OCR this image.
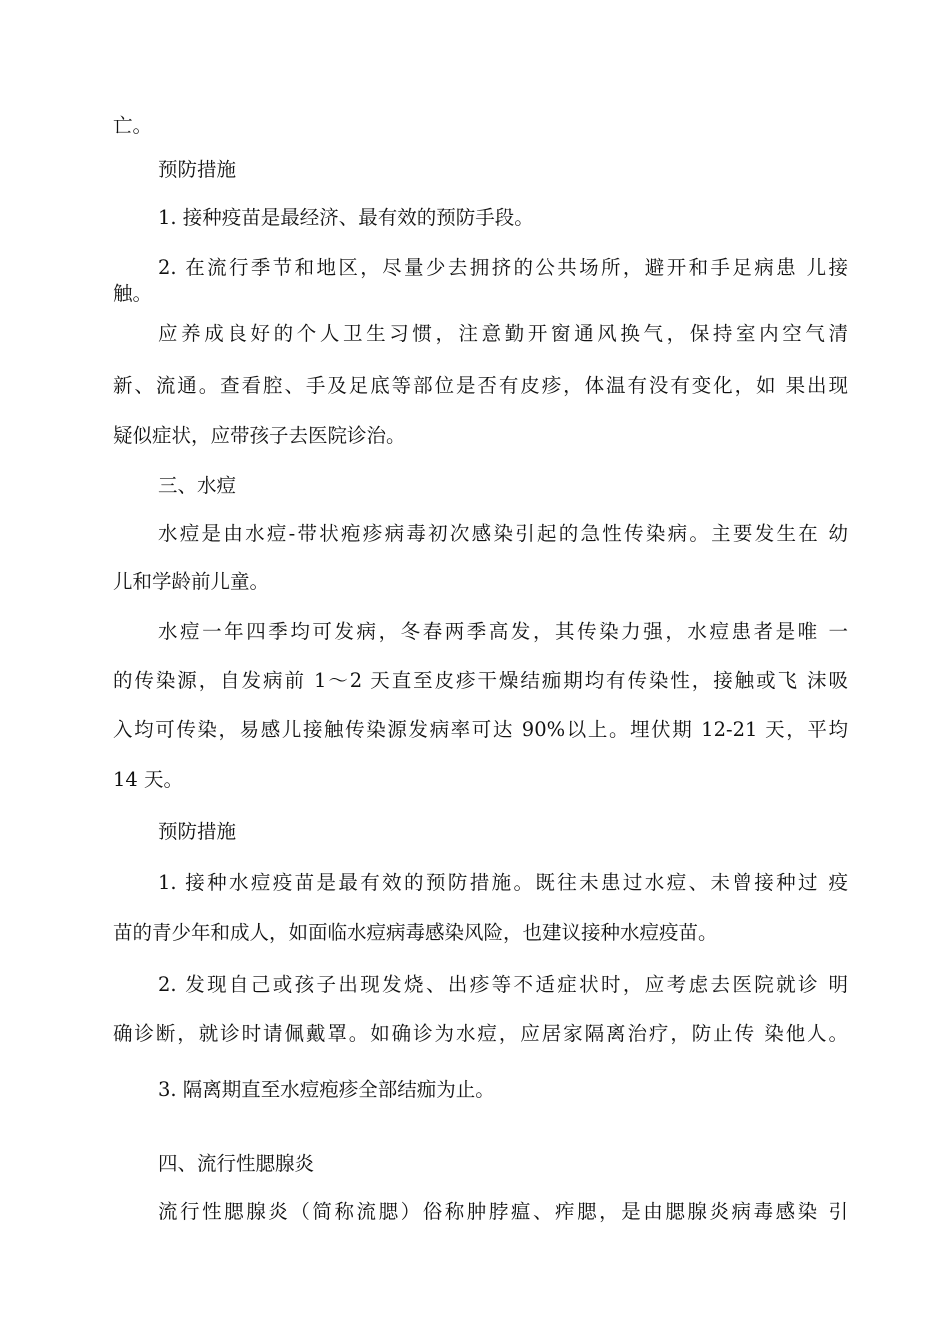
亡。

预防措施

1. 接种疫苗是最经济、最有效的预防手段。

2. 在流行季节和地区，尽量少去拥挤的公共场所，避开和手足病患 儿接

触。

应养成良好的个人卫生习惯，注意勤开窗通风换气，保持室内空气清

新、流通。查看腔、手及足底等部位是否有皮疹，体温有没有变化，如 果出现

疑似症状，应带孩子去医院诊治。

三、水痘

水痘是由水痘-带状疱疹病毒初次感染引起的急性传染病。主要发生在 幼

儿和学龄前儿童。

水痘一年四季均可发病，冬春两季高发，其传染力强，水痘患者是唯 一

的传染源，自发病前 1〜2 天直至皮疹干燥结痂期均有传染性，接触或飞 沫吸

入均可传染，易感儿接触传染源发病率可达 90%以上。埋伏期 12-21 天，平均

14 天。

预防措施

1. 接种水痘疫苗是最有效的预防措施。既往未患过水痘、未曾接种过 疫

苗的青少年和成人，如面临水痘病毒感染风险，也建议接种水痘疫苗。

2. 发现自己或孩子出现发烧、出疹等不适症状时，应考虑去医院就诊 明

确诊断，就诊时请佩戴罩。如确诊为水痘，应居家隔离治疗，防止传 染他人。

3. 隔离期直至水痘疱疹全部结痂为止。

四、流行性腮腺炎

流行性腮腺炎（简称流腮）俗称肿脖瘟、痄腮，是由腮腺炎病毒感染 引
